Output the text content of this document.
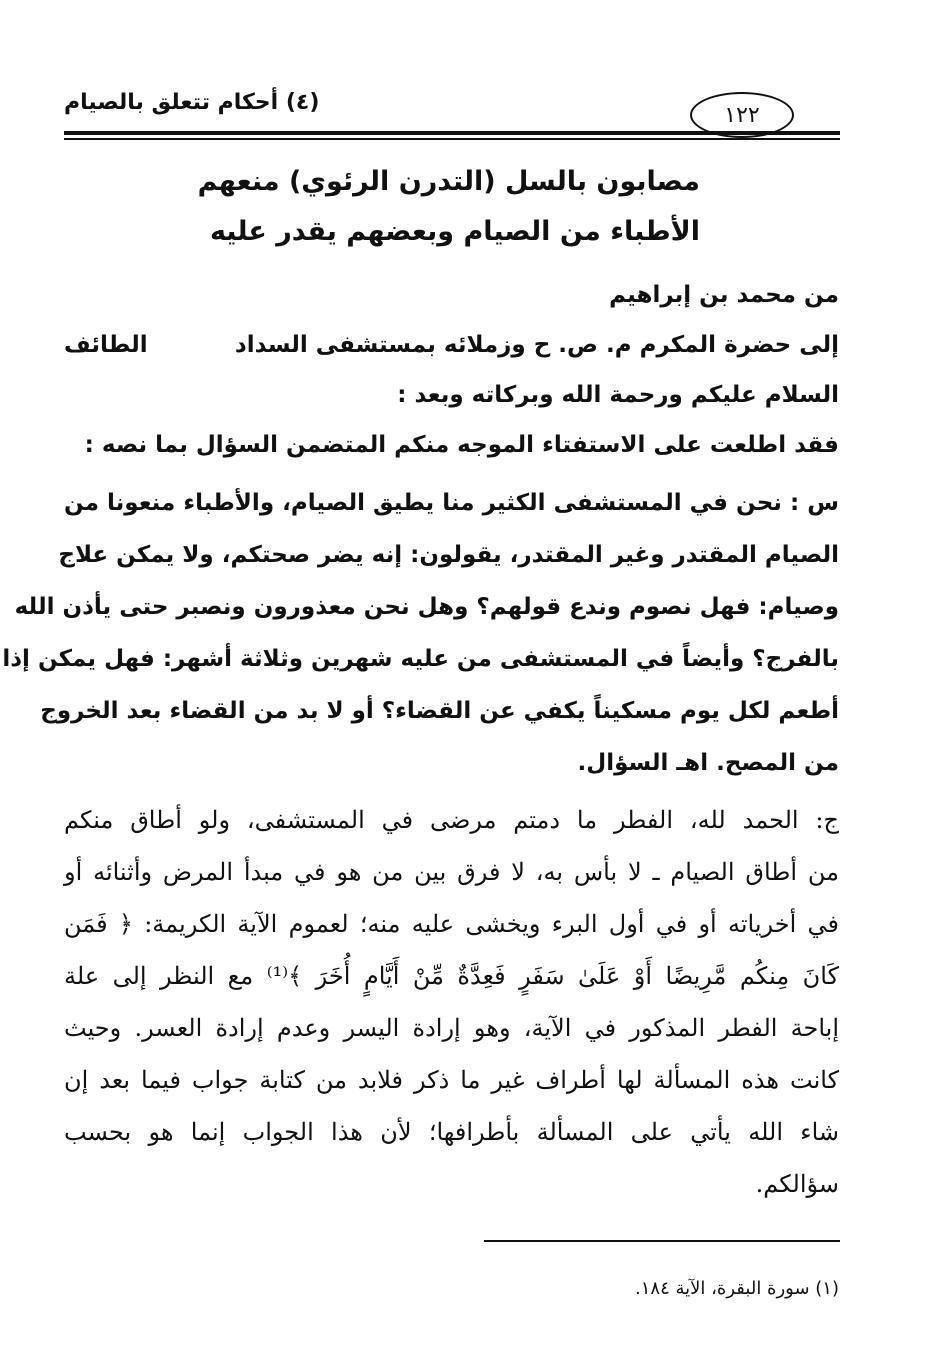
(٤) أحكام تتعلق بالصيام	١٢٢
مصابون بالسل (التدرن الرئوي) منعهم
الأطباء من الصيام وبعضهم يقدر عليه
من محمد بن إبراهيم
إلى حضرة المكرم م. ص. ح وزملائه بمستشفى السداد
الطائف
السلام عليكم ورحمة الله وبركاته وبعد :
فقد اطلعت على الاستفتاء الموجه منكم المتضمن السؤال بما نصه :
س : نحن في المستشفى الكثير منا يطيق الصيام، والأطباء منعونا من
الصيام المقتدر وغير المقتدر، يقولون: إنه يضر صحتكم، ولا يمكن علاج
وصيام: فهل نصوم وندع قولهم؟ وهل نحن معذورون ونصبر حتى يأذن الله
بالفرج؟ وأيضاً في المستشفى من عليه شهرين وثلاثة أشهر: فهل يمكن إذا
أطعم لكل يوم مسكيناً يكفي عن القضاء؟ أو لا بد من القضاء بعد الخروج
من المصح. اهـ السؤال.
ج: الحمد لله، الفطر ما دمتم مرضى في المستشفى، ولو أطاق منكم
من أطاق الصيام ـ لا بأس به، لا فرق بين من هو في مبدأ المرض وأثنائه أو
في أخرياته أو في أول البرء ويخشى عليه منه؛ لعموم الآية الكريمة: ﴿ فَمَن
كَانَ مِنكُم مَّرِيضًا أَوْ عَلَىٰ سَفَرٍ فَعِدَّةٌ مِّنْ أَيَّامٍ أُخَرَ ﴾⁽¹⁾ مع النظر إلى علة
إباحة الفطر المذكور في الآية، وهو إرادة اليسر وعدم إرادة العسر. وحيث
كانت هذه المسألة لها أطراف غير ما ذكر فلابد من كتابة جواب فيما بعد إن
شاء الله يأتي على المسألة بأطرافها؛ لأن هذا الجواب إنما هو بحسب
سؤالكم.
(١) سورة البقرة، الآية ١٨٤.
